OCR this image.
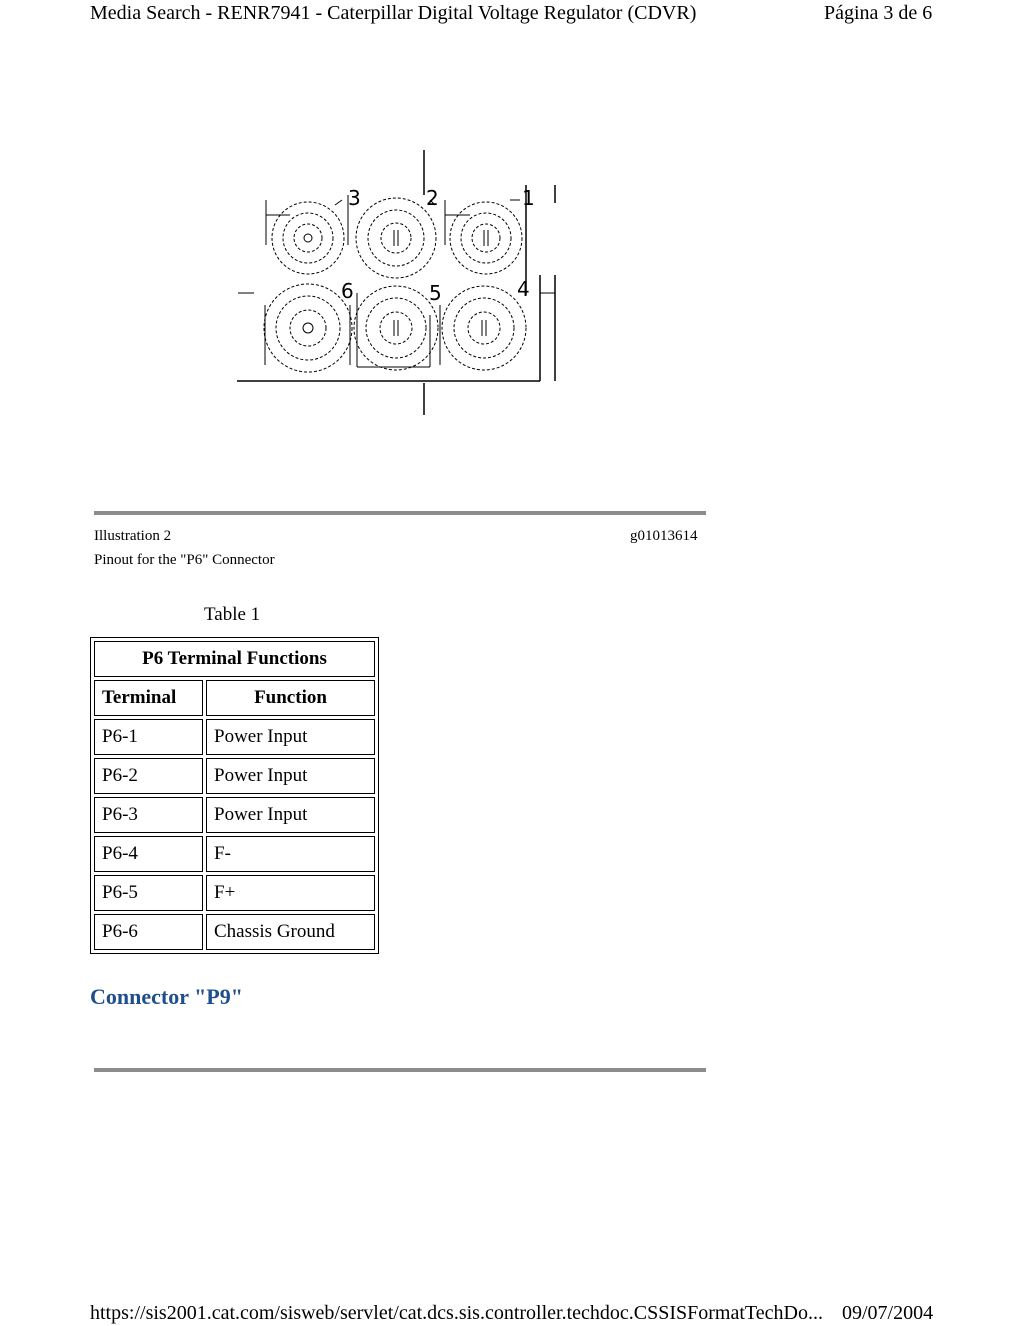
Media Search - RENR7941 - Caterpillar Digital Voltage Regulator (CDVR)	Página 3 de 6
3	2	1
6	5	4
Illustration 2	g01013614
Pinout for the "P6" Connector
Table 1
P6 Terminal Functions	
Terminal	Function
P6-1	Power Input
P6-2	Power Input
P6-3	Power Input
P6-4	F-
P6-5	F+
P6-6	Chassis Ground
Connector "P9"
https://sis2001.cat.com/sisweb/servlet/cat.dcs.sis.controller.techdoc.CSSISFormatTechDo... 09/07/2004
